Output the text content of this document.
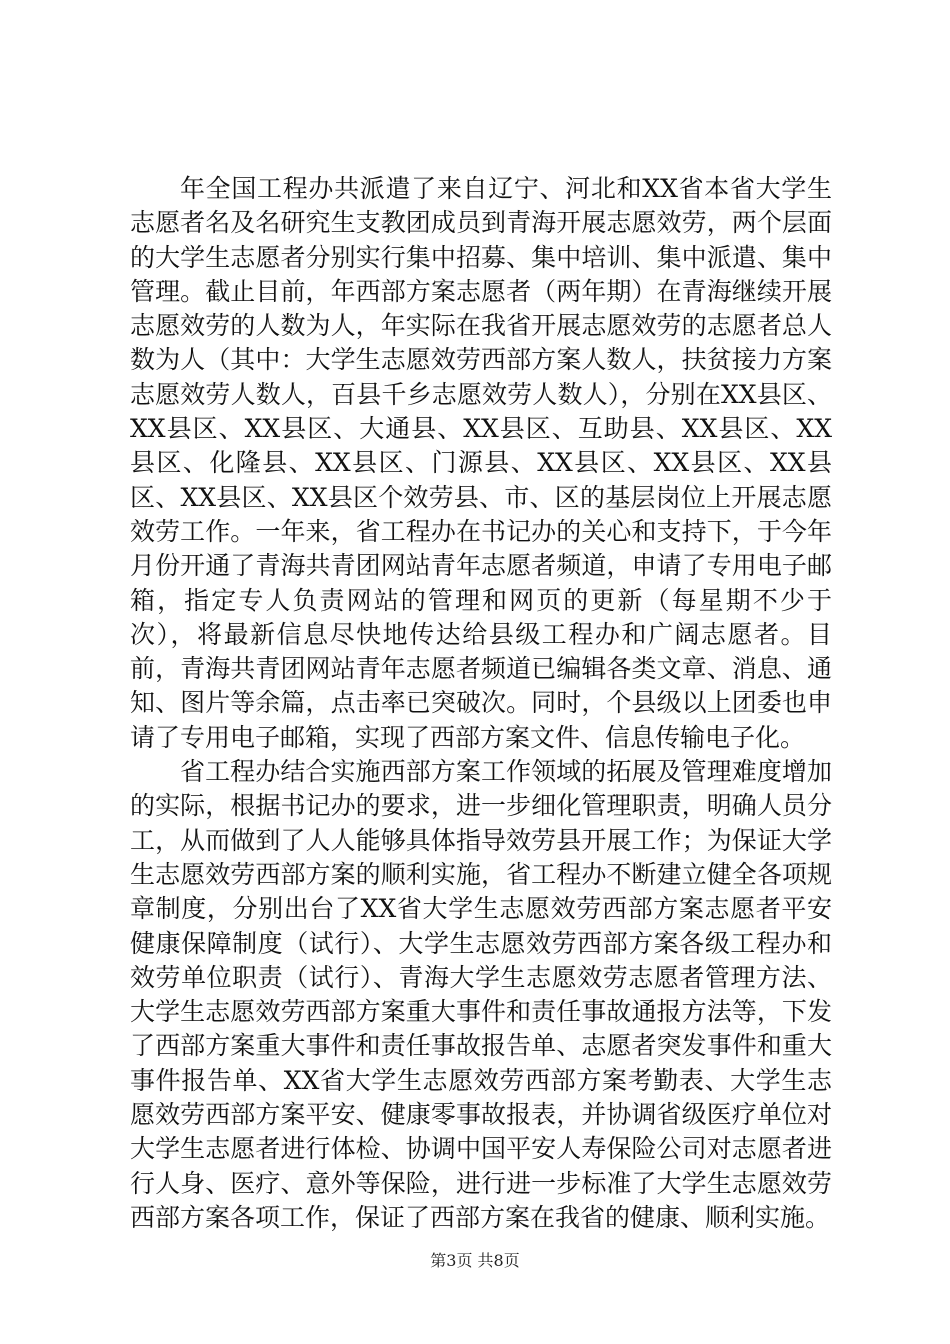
年全国工程办共派遣了来自辽宁、河北和XX省本省大学生志愿者名及名研究生支教团成员到青海开展志愿效劳，两个层面的大学生志愿者分别实行集中招募、集中培训、集中派遣、集中管理。截止目前，年西部方案志愿者（两年期）在青海继续开展志愿效劳的人数为人，年实际在我省开展志愿效劳的志愿者总人数为人（其中：大学生志愿效劳西部方案人数人，扶贫接力方案志愿效劳人数人，百县千乡志愿效劳人数人），分别在XX县区、XX县区、XX县区、大通县、XX县区、互助县、XX县区、XX县区、化隆县、XX县区、门源县、XX县区、XX县区、XX县区、XX县区、XX县区个效劳县、市、区的基层岗位上开展志愿效劳工作。一年来，省工程办在书记办的关心和支持下，于今年月份开通了青海共青团网站青年志愿者频道，申请了专用电子邮箱，指定专人负责网站的管理和网页的更新（每星期不少于次），将最新信息尽快地传达给县级工程办和广阔志愿者。目前，青海共青团网站青年志愿者频道已编辑各类文章、消息、通知、图片等余篇，点击率已突破次。同时，个县级以上团委也申请了专用电子邮箱，实现了西部方案文件、信息传输电子化。

省工程办结合实施西部方案工作领域的拓展及管理难度增加的实际，根据书记办的要求，进一步细化管理职责，明确人员分工，从而做到了人人能够具体指导效劳县开展工作；为保证大学生志愿效劳西部方案的顺利实施，省工程办不断建立健全各项规章制度，分别出台了XX省大学生志愿效劳西部方案志愿者平安健康保障制度（试行）、大学生志愿效劳西部方案各级工程办和效劳单位职责（试行）、青海大学生志愿效劳志愿者管理方法、大学生志愿效劳西部方案重大事件和责任事故通报方法等，下发了西部方案重大事件和责任事故报告单、志愿者突发事件和重大事件报告单、XX省大学生志愿效劳西部方案考勤表、大学生志愿效劳西部方案平安、健康零事故报表，并协调省级医疗单位对大学生志愿者进行体检、协调中国平安人寿保险公司对志愿者进行人身、医疗、意外等保险，进行进一步标准了大学生志愿效劳西部方案各项工作，保证了西部方案在我省的健康、顺利实施。

第3页 共8页
